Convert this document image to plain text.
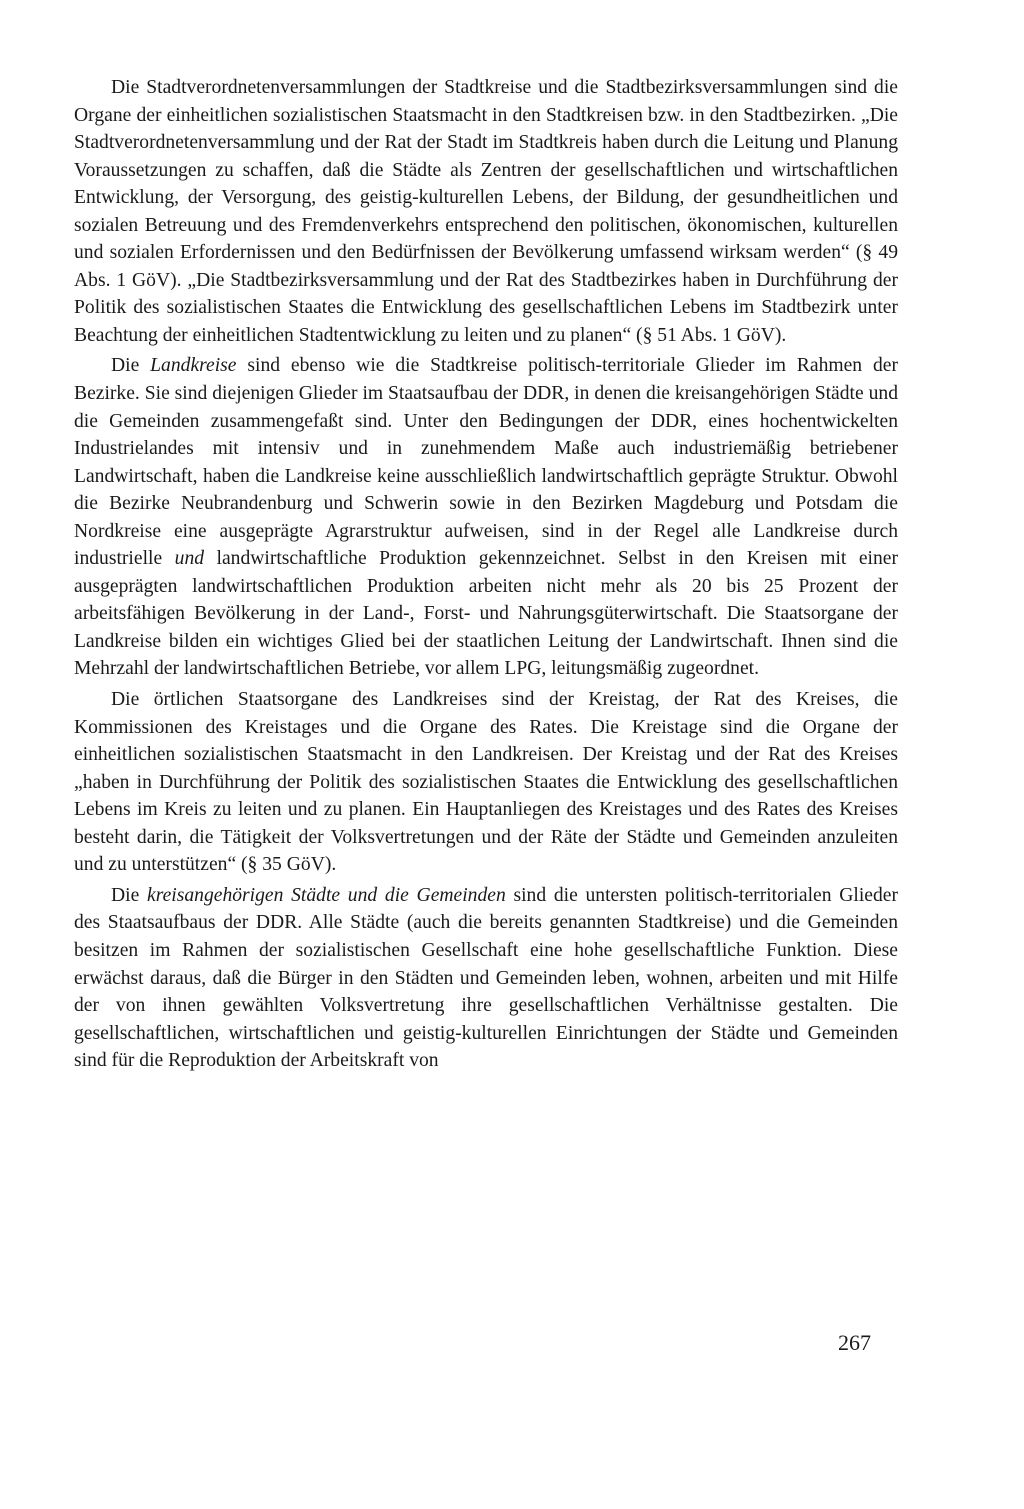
Die Stadtverordnetenversammlungen der Stadtkreise und die Stadtbezirksversammlungen sind die Organe der einheitlichen sozialistischen Staatsmacht in den Stadtkreisen bzw. in den Stadtbezirken. „Die Stadtverordnetenversammlung und der Rat der Stadt im Stadtkreis haben durch die Leitung und Planung Voraussetzungen zu schaffen, daß die Städte als Zentren der gesellschaftlichen und wirtschaftlichen Entwicklung, der Versorgung, des geistig-kulturellen Lebens, der Bildung, der gesundheitlichen und sozialen Betreuung und des Fremdenverkehrs entsprechend den politischen, ökonomischen, kulturellen und sozialen Erfordernissen und den Bedürfnissen der Bevölkerung umfassend wirksam werden“ (§ 49 Abs. 1 GöV). „Die Stadtbezirksversammlung und der Rat des Stadtbezirkes haben in Durchführung der Politik des sozialistischen Staates die Entwicklung des gesellschaftlichen Lebens im Stadtbezirk unter Beachtung der einheitlichen Stadtentwicklung zu leiten und zu planen“ (§ 51 Abs. 1 GöV).

Die Landkreise sind ebenso wie die Stadtkreise politisch-territoriale Glieder im Rahmen der Bezirke. Sie sind diejenigen Glieder im Staatsaufbau der DDR, in denen die kreisangehörigen Städte und die Gemeinden zusammengefaßt sind. Unter den Bedingungen der DDR, eines hochentwickelten Industrielandes mit intensiv und in zunehmendem Maße auch industriemäßig betriebener Landwirtschaft, haben die Landkreise keine ausschließlich landwirtschaftlich geprägte Struktur. Obwohl die Bezirke Neubrandenburg und Schwerin sowie in den Bezirken Magdeburg und Potsdam die Nordkreise eine ausgeprägte Agrarstruktur aufweisen, sind in der Regel alle Landkreise durch industrielle und landwirtschaftliche Produktion gekennzeichnet. Selbst in den Kreisen mit einer ausgeprägten landwirtschaftlichen Produktion arbeiten nicht mehr als 20 bis 25 Prozent der arbeitsfähigen Bevölkerung in der Land-, Forst- und Nahrungsgüterwirtschaft. Die Staatsorgane der Landkreise bilden ein wichtiges Glied bei der staatlichen Leitung der Landwirtschaft. Ihnen sind die Mehrzahl der landwirtschaftlichen Betriebe, vor allem LPG, leitungsmäßig zugeordnet.

Die örtlichen Staatsorgane des Landkreises sind der Kreistag, der Rat des Kreises, die Kommissionen des Kreistages und die Organe des Rates. Die Kreistage sind die Organe der einheitlichen sozialistischen Staatsmacht in den Landkreisen. Der Kreistag und der Rat des Kreises „haben in Durchführung der Politik des sozialistischen Staates die Entwicklung des gesellschaftlichen Lebens im Kreis zu leiten und zu planen. Ein Hauptanliegen des Kreistages und des Rates des Kreises besteht darin, die Tätigkeit der Volksvertretungen und der Räte der Städte und Gemeinden anzuleiten und zu unterstützen“ (§ 35 GöV).

Die kreisangehörigen Städte und die Gemeinden sind die untersten politisch-territorialen Glieder des Staatsaufbaus der DDR. Alle Städte (auch die bereits genannten Stadtkreise) und die Gemeinden besitzen im Rahmen der sozialistischen Gesellschaft eine hohe gesellschaftliche Funktion. Diese erwächst daraus, daß die Bürger in den Städten und Gemeinden leben, wohnen, arbeiten und mit Hilfe der von ihnen gewählten Volksvertretung ihre gesellschaftlichen Verhältnisse gestalten. Die gesellschaftlichen, wirtschaftlichen und geistig-kulturellen Einrichtungen der Städte und Gemeinden sind für die Reproduktion der Arbeitskraft von

267
